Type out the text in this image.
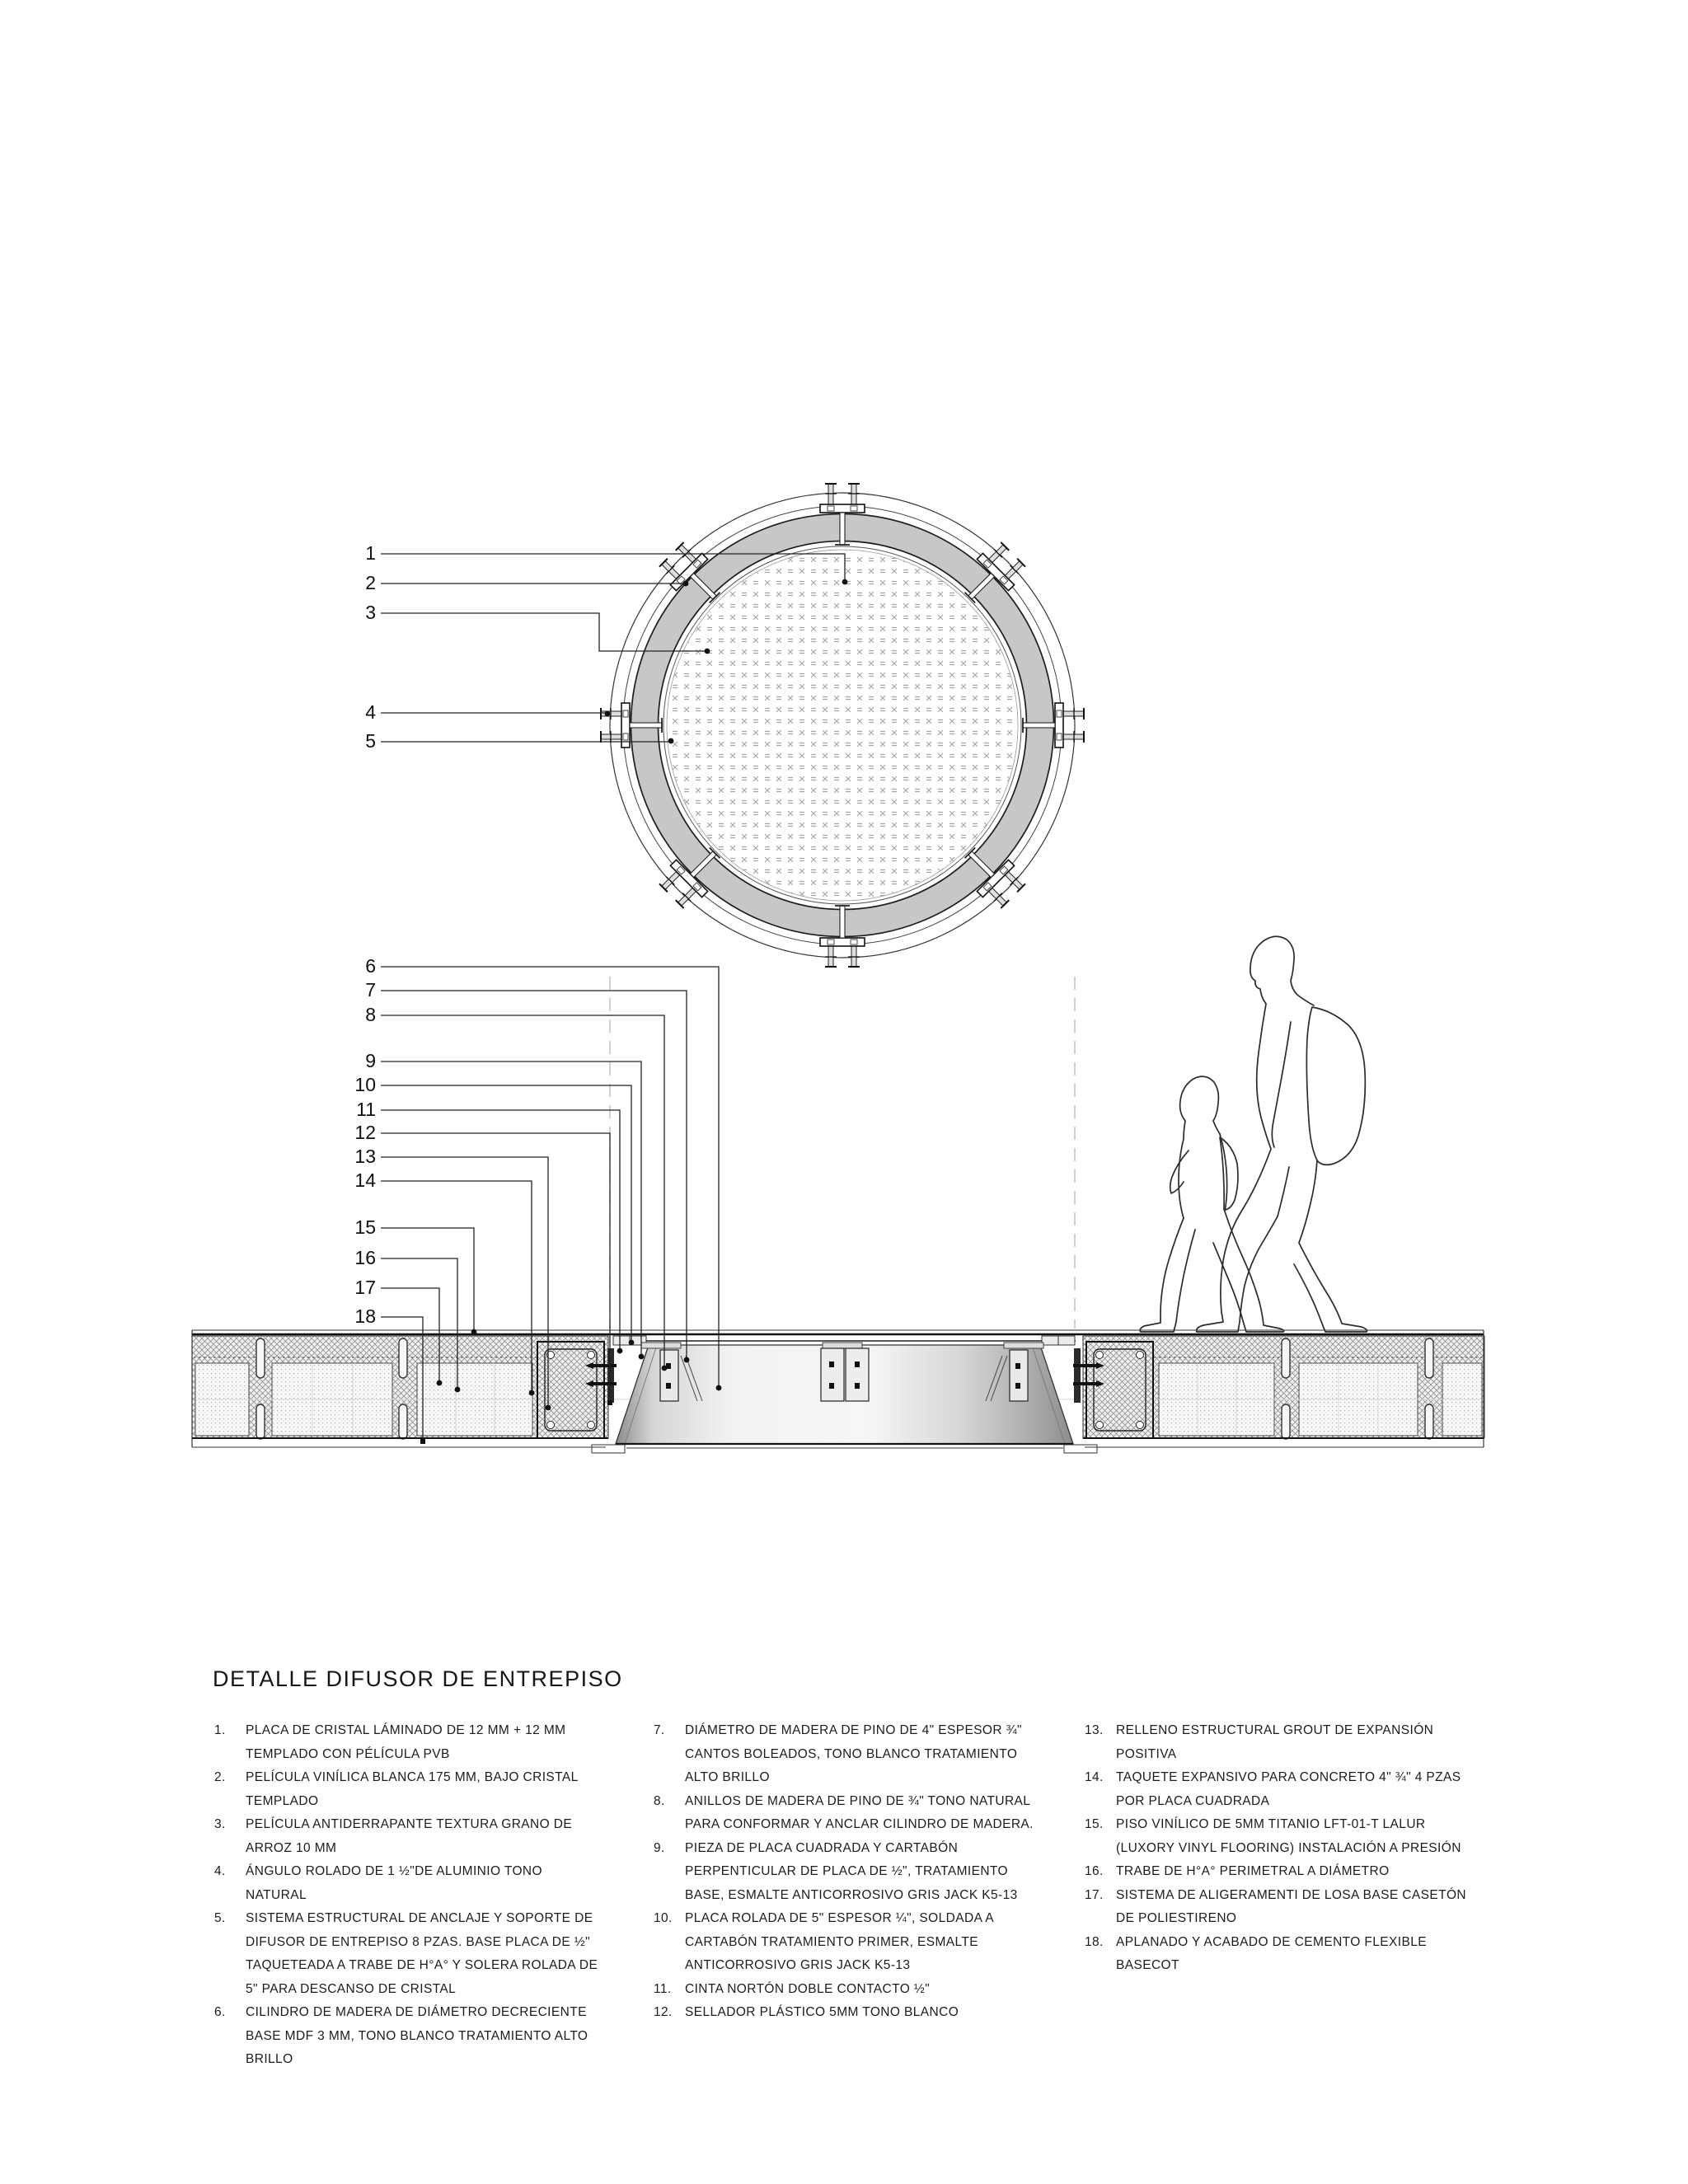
1
2
3
4
5
6
7
8
9
10
11
12
13
14
15
16
17
18
DETALLE DIFUSOR DE ENTREPISO
1.	PLACA DE CRISTAL LÁMINADO DE 12 MM + 12 MM TEMPLADO CON PÉLÍCULA PVB
2.	PELÍCULA VINÍLICA BLANCA 175 MM, BAJO CRISTAL TEMPLADO
3.	PELÍCULA ANTIDERRAPANTE TEXTURA GRANO DE ARROZ 10 MM
4.	ÁNGULO ROLADO DE 1 ½"DE ALUMINIO TONO NATURAL
5.	SISTEMA ESTRUCTURAL DE ANCLAJE Y SOPORTE DE DIFUSOR DE ENTREPISO 8 PZAS. BASE PLACA DE ½" TAQUETEADA A TRABE DE H°A° Y SOLERA ROLADA DE 5" PARA DESCANSO DE CRISTAL
6.	CILINDRO DE MADERA DE DIÁMETRO DECRECIENTE BASE MDF 3 MM, TONO BLANCO TRATAMIENTO ALTO BRILLO
7.	DIÁMETRO DE MADERA DE PINO DE 4" ESPESOR ¾" CANTOS BOLEADOS, TONO BLANCO TRATAMIENTO ALTO BRILLO
8.	ANILLOS DE MADERA DE PINO DE ¾" TONO NATURAL PARA CONFORMAR Y ANCLAR CILINDRO DE MADERA.
9.	PIEZA DE PLACA CUADRADA Y CARTABÓN PERPENTICULAR DE PLACA DE ½", TRATAMIENTO BASE, ESMALTE ANTICORROSIVO GRIS JACK K5-13
10. PLACA ROLADA DE 5" ESPESOR ¼", SOLDADA A CARTABÓN TRATAMIENTO PRIMER, ESMALTE ANTICORROSIVO GRIS JACK K5-13
11.	CINTA NORTÓN DOBLE CONTACTO ½"
12. SELLADOR PLÁSTICO 5MM TONO BLANCO
13. RELLENO ESTRUCTURAL GROUT DE EXPANSIÓN POSITIVA
14. TAQUETE EXPANSIVO PARA CONCRETO 4" ¾" 4 PZAS POR PLACA CUADRADA
15. PISO VINÍLICO DE 5MM TITANIO LFT-01-T LALUR (LUXORY VINYL FLOORING) INSTALACIÓN A PRESIÓN
16. TRABE DE H°A° PERIMETRAL A DIÁMETRO
17. SISTEMA DE ALIGERAMENTI DE LOSA BASE CASETÓN DE POLIESTIRENO
18. APLANADO Y ACABADO DE CEMENTO FLEXIBLE BASECOT
